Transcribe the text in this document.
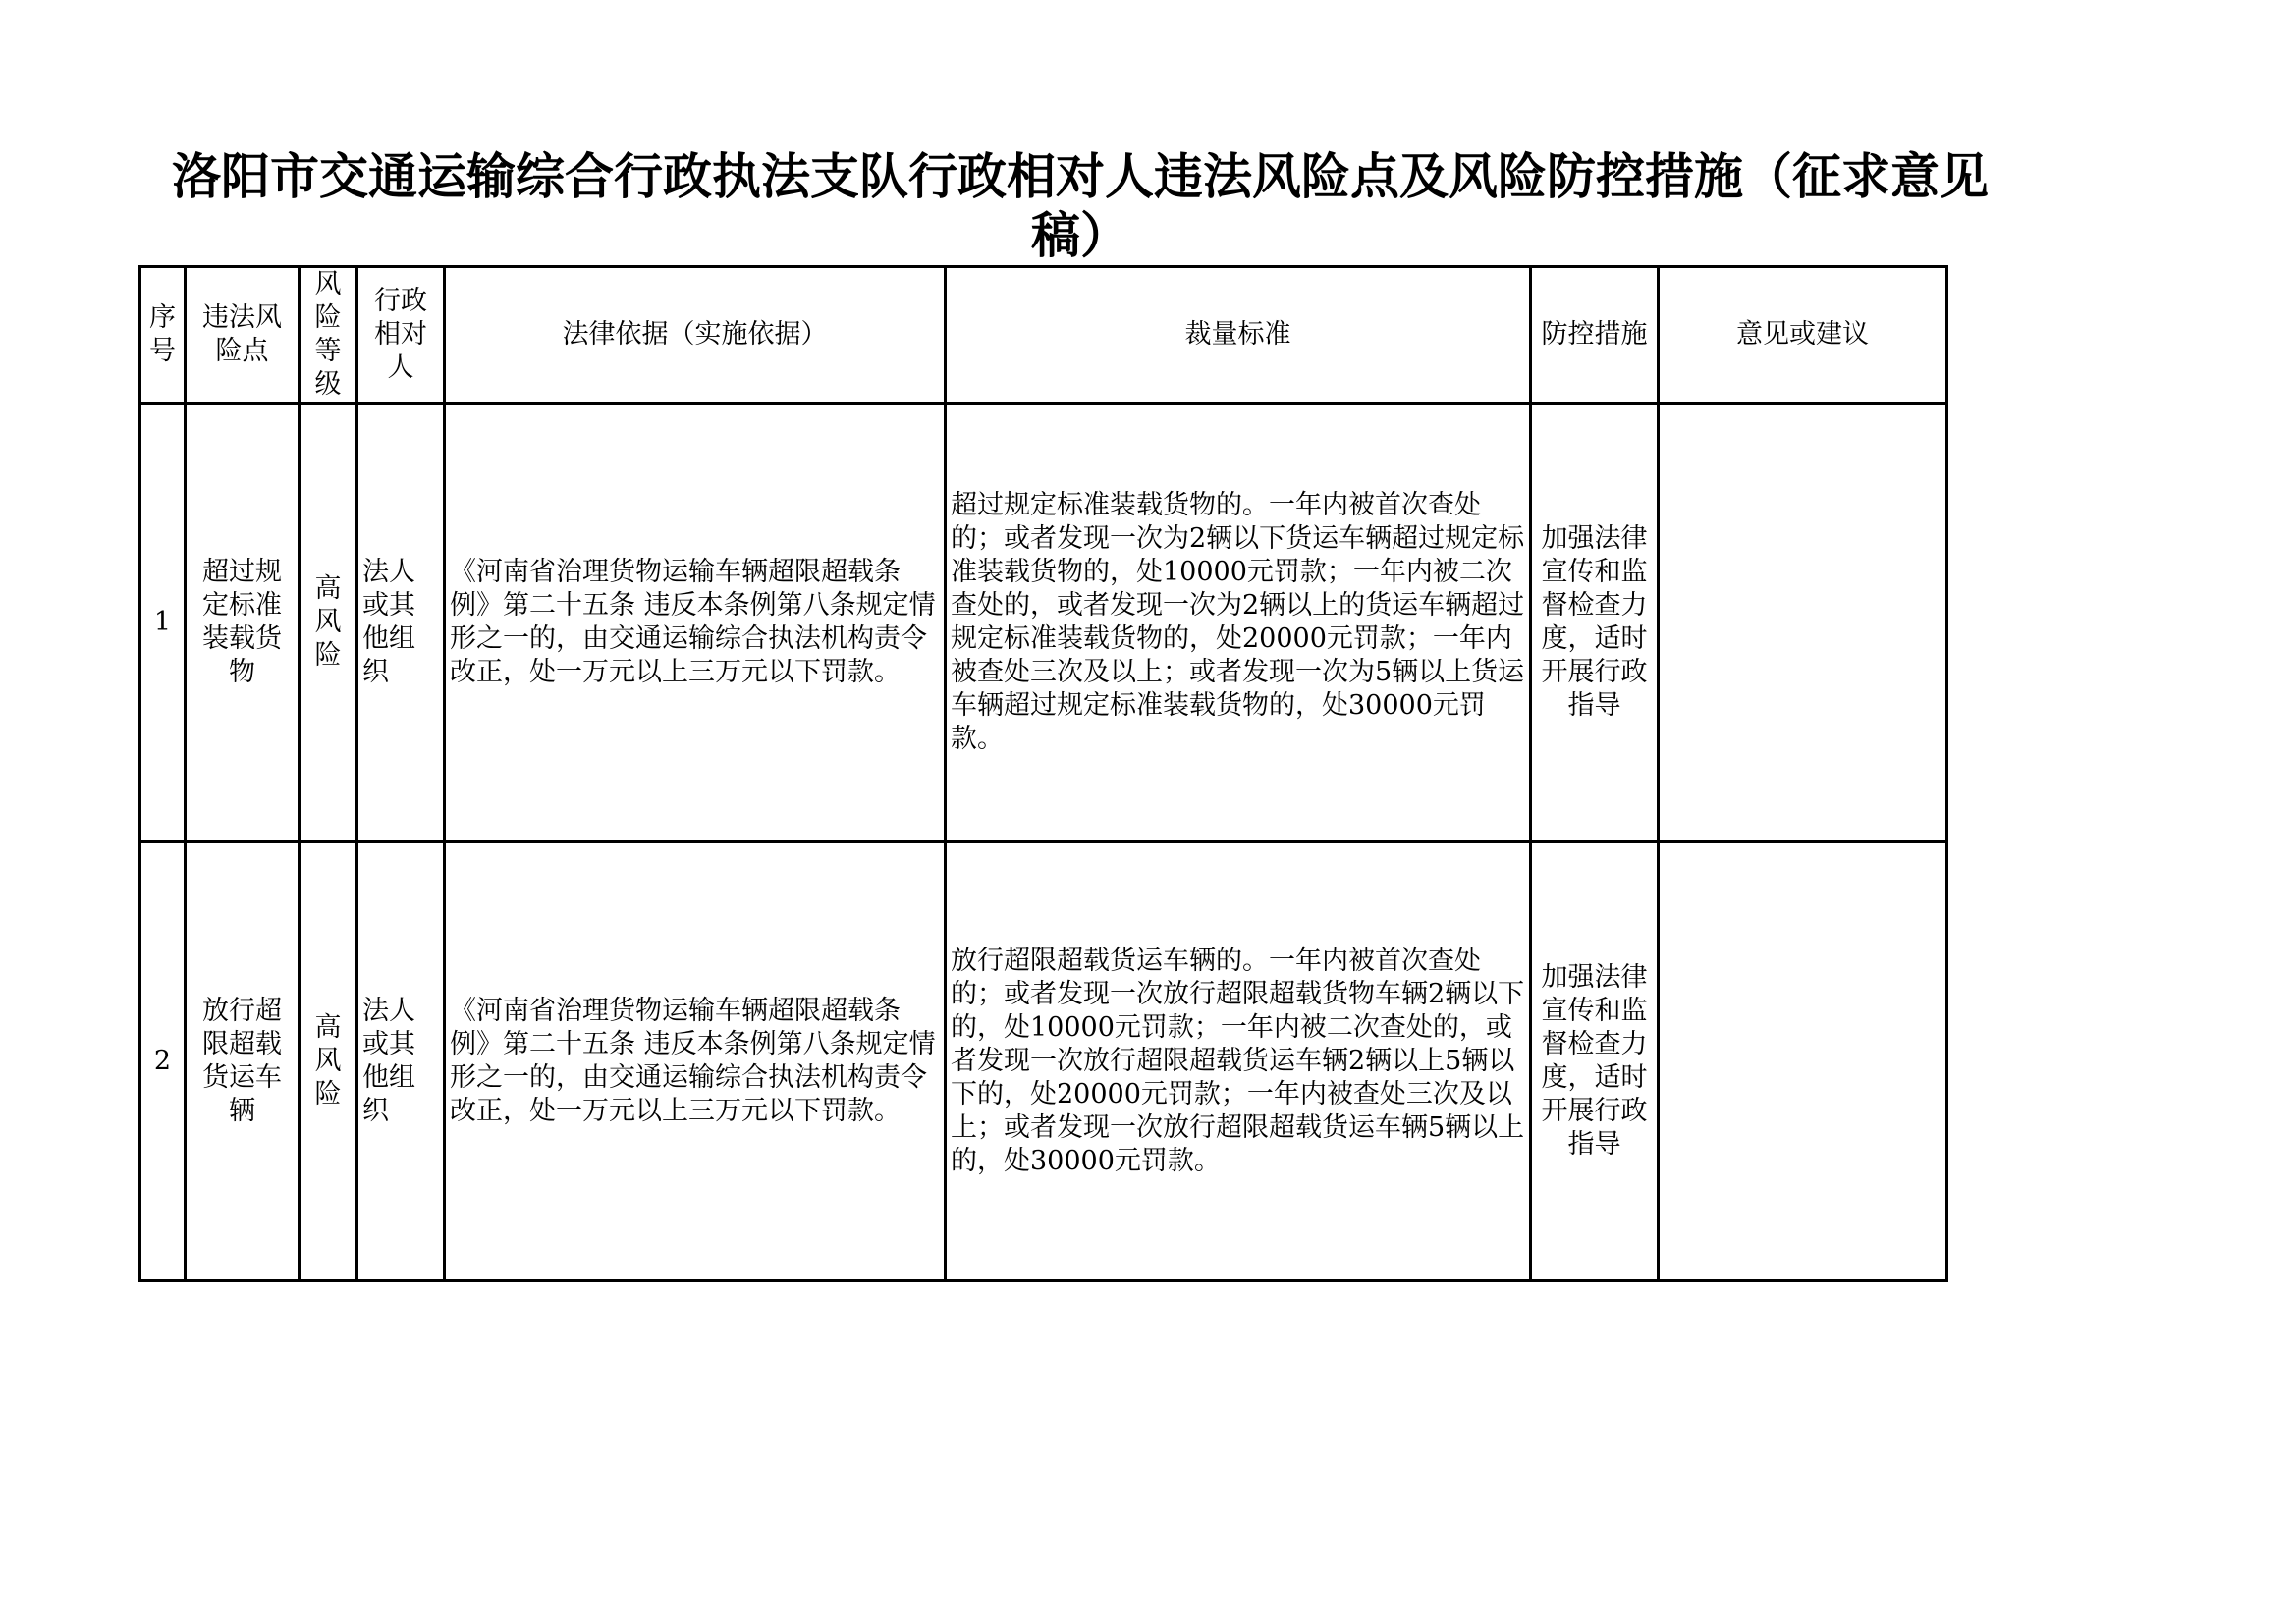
洛阳市交通运输综合行政执法支队行政相对人违法风险点及风险防控措施（征求意见稿）
序号	违法风险点	风险等级	行政相对人	法律依据（实施依据）	裁量标准	防控措施	意见或建议
1	超过规定标准装载货物	高风险	法人或其他组织	《河南省治理货物运输车辆超限超载条例》第二十五条 违反本条例第八条规定情形之一的，由交通运输综合执法机构责令改正，处一万元以上三万元以下罚款。	超过规定标准装载货物的。一年内被首次查处的；或者发现一次为2辆以下货运车辆超过规定标准装载货物的，处10000元罚款；一年内被二次查处的，或者发现一次为2辆以上的货运车辆超过规定标准装载货物的，处20000元罚款；一年内被查处三次及以上；或者发现一次为5辆以上货运车辆超过规定标准装载货物的，处30000元罚款。	加强法律宣传和监督检查力度，适时开展行政指导	
2	放行超限超载货运车辆	高风险	法人或其他组织	《河南省治理货物运输车辆超限超载条例》第二十五条 违反本条例第八条规定情形之一的，由交通运输综合执法机构责令改正，处一万元以上三万元以下罚款。	放行超限超载货运车辆的。一年内被首次查处的；或者发现一次放行超限超载货物车辆2辆以下的，处10000元罚款；一年内被二次查处的，或者发现一次放行超限超载货运车辆2辆以上5辆以下的，处20000元罚款；一年内被查处三次及以上；或者发现一次放行超限超载货运车辆5辆以上的，处30000元罚款。	加强法律宣传和监督检查力度，适时开展行政指导	
